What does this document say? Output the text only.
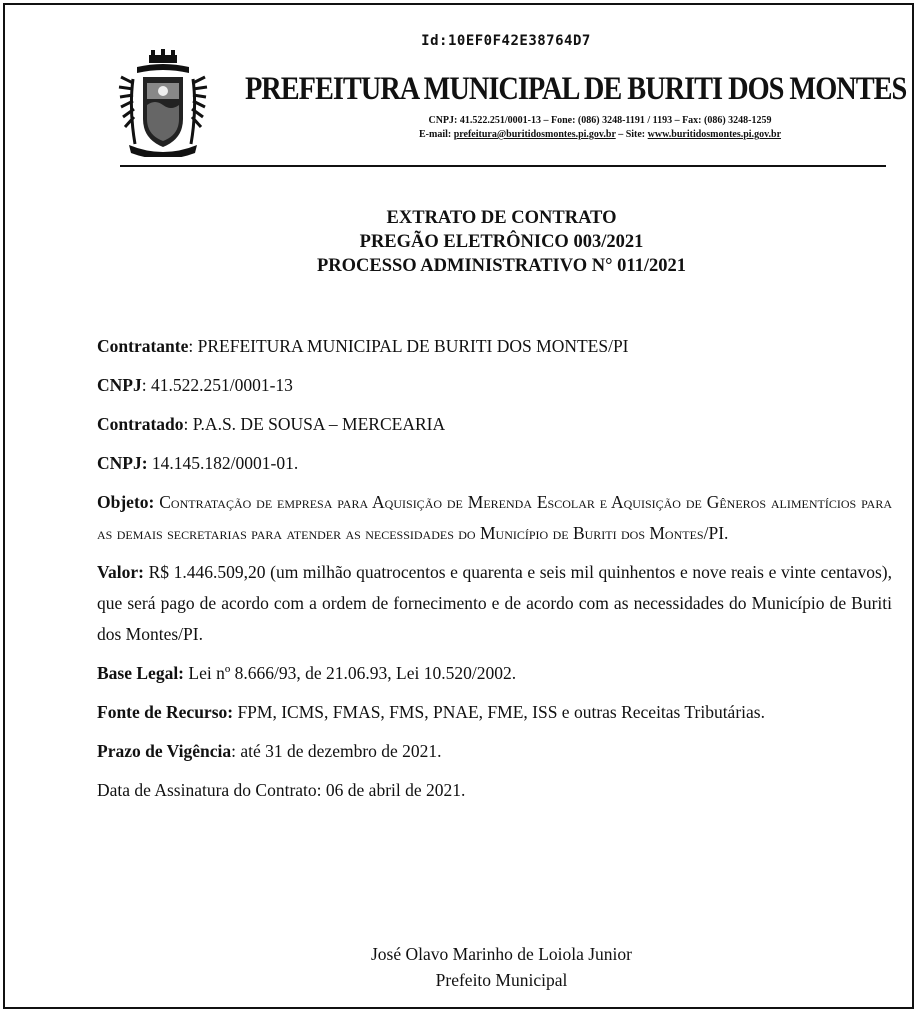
Id:10EF0F42E38764D7
PREFEITURA MUNICIPAL DE BURITI DOS MONTES
CNPJ: 41.522.251/0001-13 – Fone: (086) 3248-1191 / 1193 – Fax: (086) 3248-1259
E-mail: prefeitura@buritidosmontes.pi.gov.br – Site: www.buritidosmontes.pi.gov.br
EXTRATO DE CONTRATO
PREGÃO ELETRÔNICO 003/2021
PROCESSO ADMINISTRATIVO N° 011/2021

Contratante: PREFEITURA MUNICIPAL DE BURITI DOS MONTES/PI

CNPJ: 41.522.251/0001-13

Contratado: P.A.S. DE SOUSA – MERCEARIA

CNPJ: 14.145.182/0001-01.

Objeto: Contratação de empresa para Aquisição de Merenda Escolar e Aquisição de Gêneros alimentícios para as demais secretarias para atender as necessidades do Município de Buriti dos Montes/PI.

Valor: R$ 1.446.509,20 (um milhão quatrocentos e quarenta e seis mil quinhentos e nove reais e vinte centavos), que será pago de acordo com a ordem de fornecimento e de acordo com as necessidades do Município de Buriti dos Montes/PI.

Base Legal: Lei nº 8.666/93, de 21.06.93, Lei 10.520/2002.

Fonte de Recurso: FPM, ICMS, FMAS, FMS, PNAE, FME, ISS e outras Receitas Tributárias.

Prazo de Vigência: até 31 de dezembro de 2021.

Data de Assinatura do Contrato: 06 de abril de 2021.

José Olavo Marinho de Loiola Junior
Prefeito Municipal
